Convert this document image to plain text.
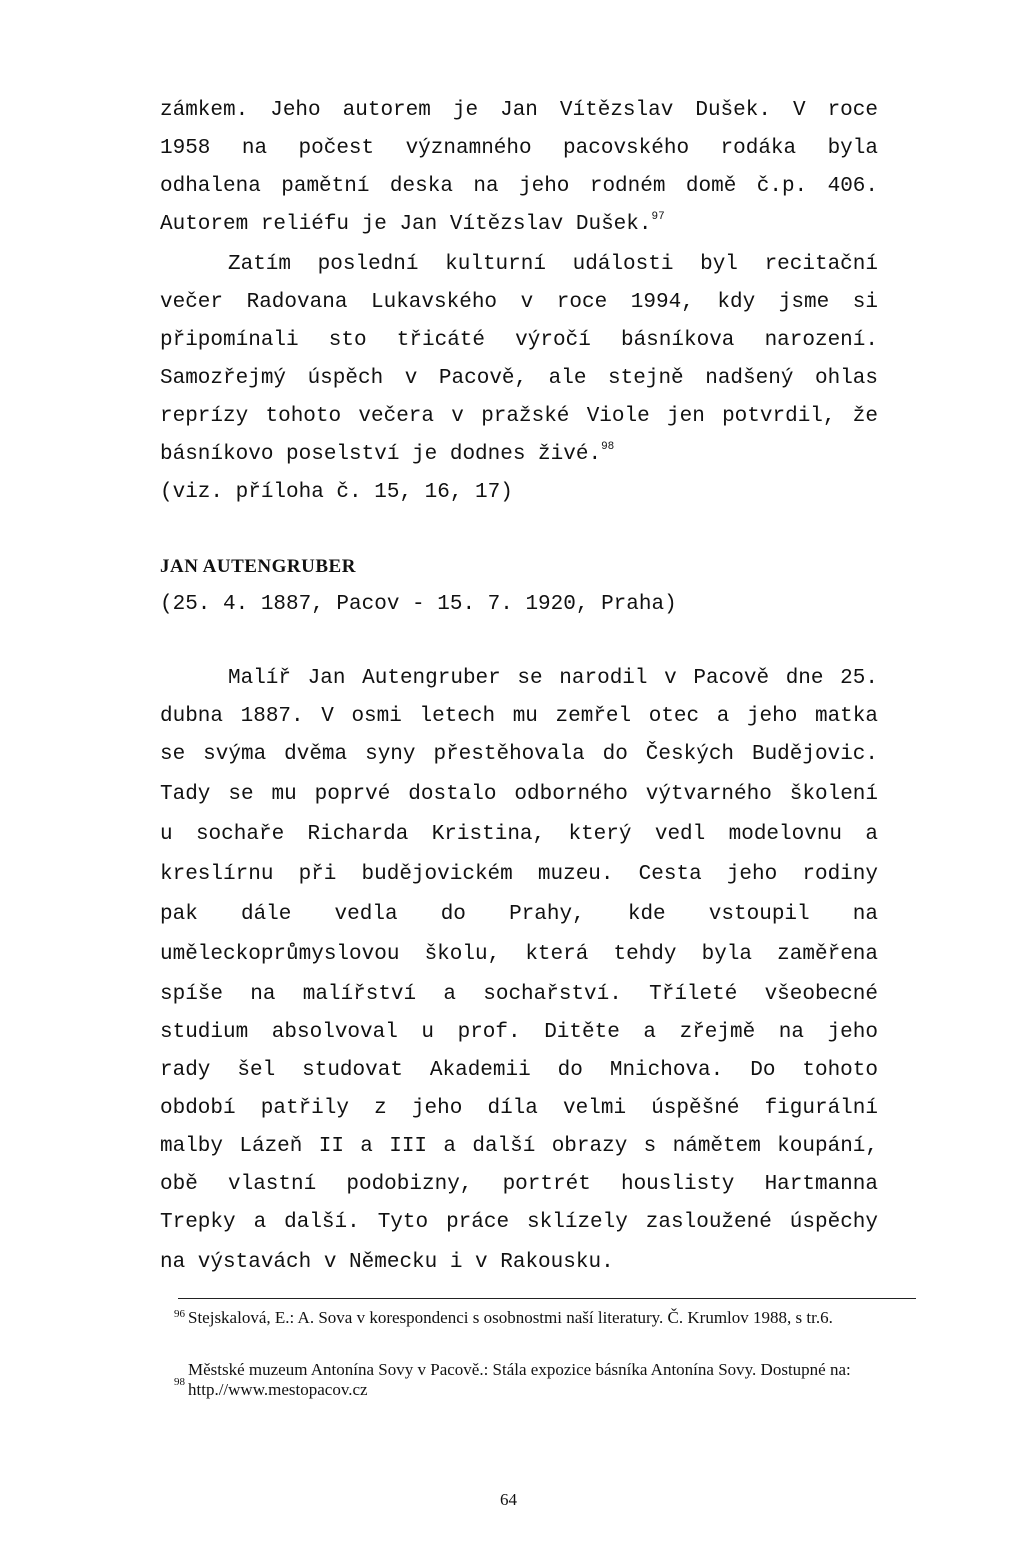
zámkem. Jeho autorem je Jan Vítězslav Dušek. V roce
1958 na počest významného pacovského rodáka byla
odhalena pamětní deska na jeho rodném domě č.p. 406.
Autorem reliéfu je Jan Vítězslav Dušek.$^{97}$
Zatím poslední kulturní události byl recitační
večer Radovana Lukavského v roce 1994, kdy jsme si
připomínali sto třicáté výročí básníkova narození.
Samozřejmý úspěch v Pacově, ale stejně nadšený ohlas
reprízy tohoto večera v pražské Viole jen potvrdil, že
básníkovo poselství je dodnes živé.$^{98}$
(viz. příloha č. 15, 16, 17)
JAN AUTENGRUBER
(25. 4. 1887, Pacov - 15. 7. 1920, Praha)
Malíř Jan Autengruber se narodil v Pacově dne 25.
dubna 1887. V osmi letech mu zemřel otec a jeho matka
se svýma dvěma syny přestěhovala do Českých Budějovic.
Tady se mu poprvé dostalo odborného výtvarného školení
u sochaře Richarda Kristina, který vedl modelovnu a
kreslírnu při budějovickém muzeu. Cesta jeho rodiny
pak dále vedla do Prahy, kde vstoupil na
uměleckoprůmyslovou školu, která tehdy byla zaměřena
spíše na malířství a sochařství. Tříleté všeobecné
studium absolvoval u prof. Ditěte a zřejmě na jeho
rady šel studovat Akademii do Mnichova. Do tohoto
období patřily z jeho díla velmi úspěšné figurální
malby Lázeň II a III a další obrazy s námětem koupání,
obě vlastní podobizny, portrét houslisty Hartmanna
Trepky a další. Tyto práce sklízely zasloužené úspěchy
na výstavách v Německu i v Rakousku.
96 Stejskalová, E.: A. Sova v korespondenci s osobnostmi naší literatury. Č. Krumlov 1988, s tr.6.
98
Městské muzeum Antonína Sovy v Pacově.: Stála expozice básníka Antonína Sovy. Dostupné na: http.//www.mestopacov.cz
64
